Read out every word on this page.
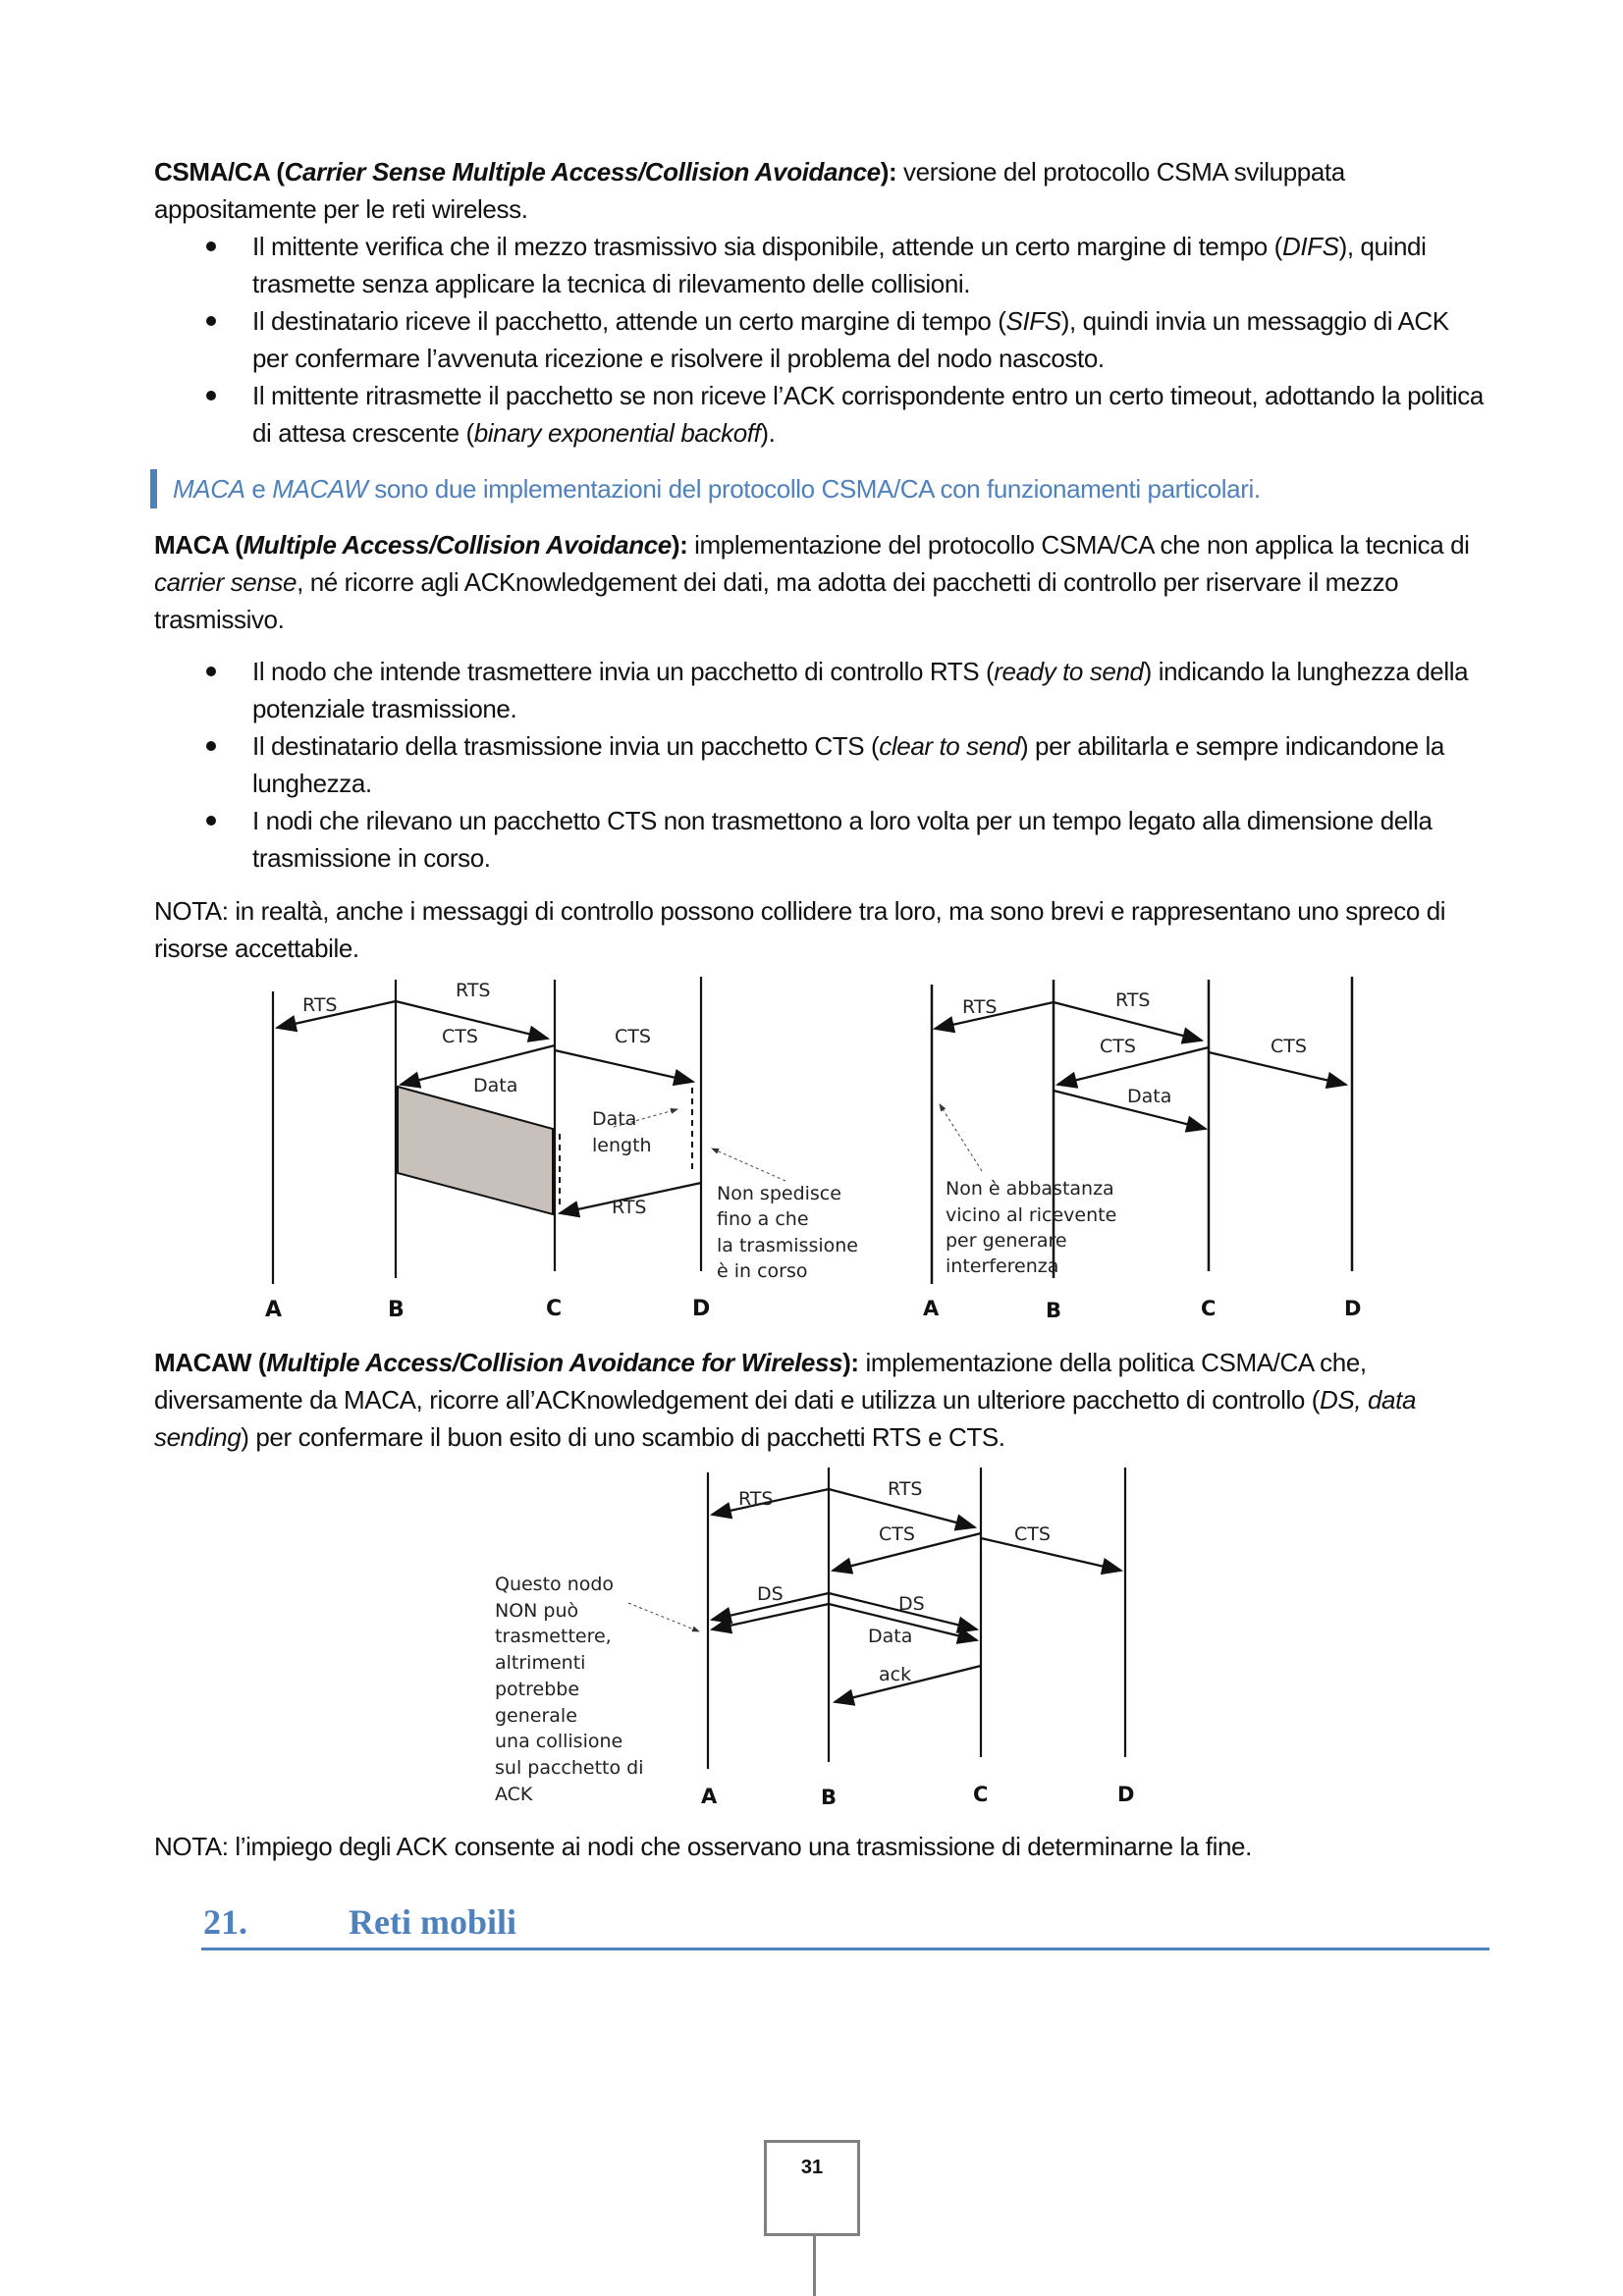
CSMA/CA (Carrier Sense Multiple Access/Collision Avoidance): versione del protocollo CSMA sviluppata appositamente per le reti wireless.

Il mittente verifica che il mezzo trasmissivo sia disponibile, attende un certo margine di tempo (DIFS), quindi trasmette senza applicare la tecnica di rilevamento delle collisioni.
Il destinatario riceve il pacchetto, attende un certo margine di tempo (SIFS), quindi invia un messaggio di ACK per confermare l’avvenuta ricezione e risolvere il problema del nodo nascosto.
Il mittente ritrasmette il pacchetto se non riceve l’ACK corrispondente entro un certo timeout, adottando la politica di attesa crescente (binary exponential backoff).
MACA e MACAW sono due implementazioni del protocollo CSMA/CA con funzionamenti particolari.

MACA (Multiple Access/Collision Avoidance): implementazione del protocollo CSMA/CA che non applica la tecnica di carrier sense, né ricorre agli ACKnowledgement dei dati, ma adotta dei pacchetti di controllo per riservare il mezzo trasmissivo.

Il nodo che intende trasmettere invia un pacchetto di controllo RTS (ready to send) indicando la lunghezza della potenziale trasmissione.
Il destinatario della trasmissione invia un pacchetto CTS (clear to send) per abilitarla e sempre indicandone la lunghezza.
I nodi che rilevano un pacchetto CTS non trasmettono a loro volta per un tempo legato alla dimensione della trasmissione in corso.

NOTA: in realtà, anche i messaggi di controllo possono collidere tra loro, ma sono brevi e rappresentano uno spreco di risorse accettabile.

RTS
RTS
CTS	CTS
Data
Data
length
RTS
Non spedisce
fino a che
la trasmissione
è in corso
A	B	C	D
RTS	RTS
CTS	CTS
Data
Non è abbastanza
vicino al ricevente
per generare
interferenza
A	B	C	D

MACAW (Multiple Access/Collision Avoidance for Wireless): implementazione della politica CSMA/CA che, diversamente da MACA, ricorre all’ACKnowledgement dei dati e utilizza un ulteriore pacchetto di controllo (DS, data sending) per confermare il buon esito di uno scambio di pacchetti RTS e CTS.

RTS	RTS
CTS	CTS
DS	DS
Data
ack
Questo nodo
NON può
trasmettere,
altrimenti
potrebbe
generale
una collisione
sul pacchetto di
ACK	A	B	C	D

NOTA: l’impiego degli ACK consente ai nodi che osservano una trasmissione di determinarne la fine.

21.	Reti mobili
31
